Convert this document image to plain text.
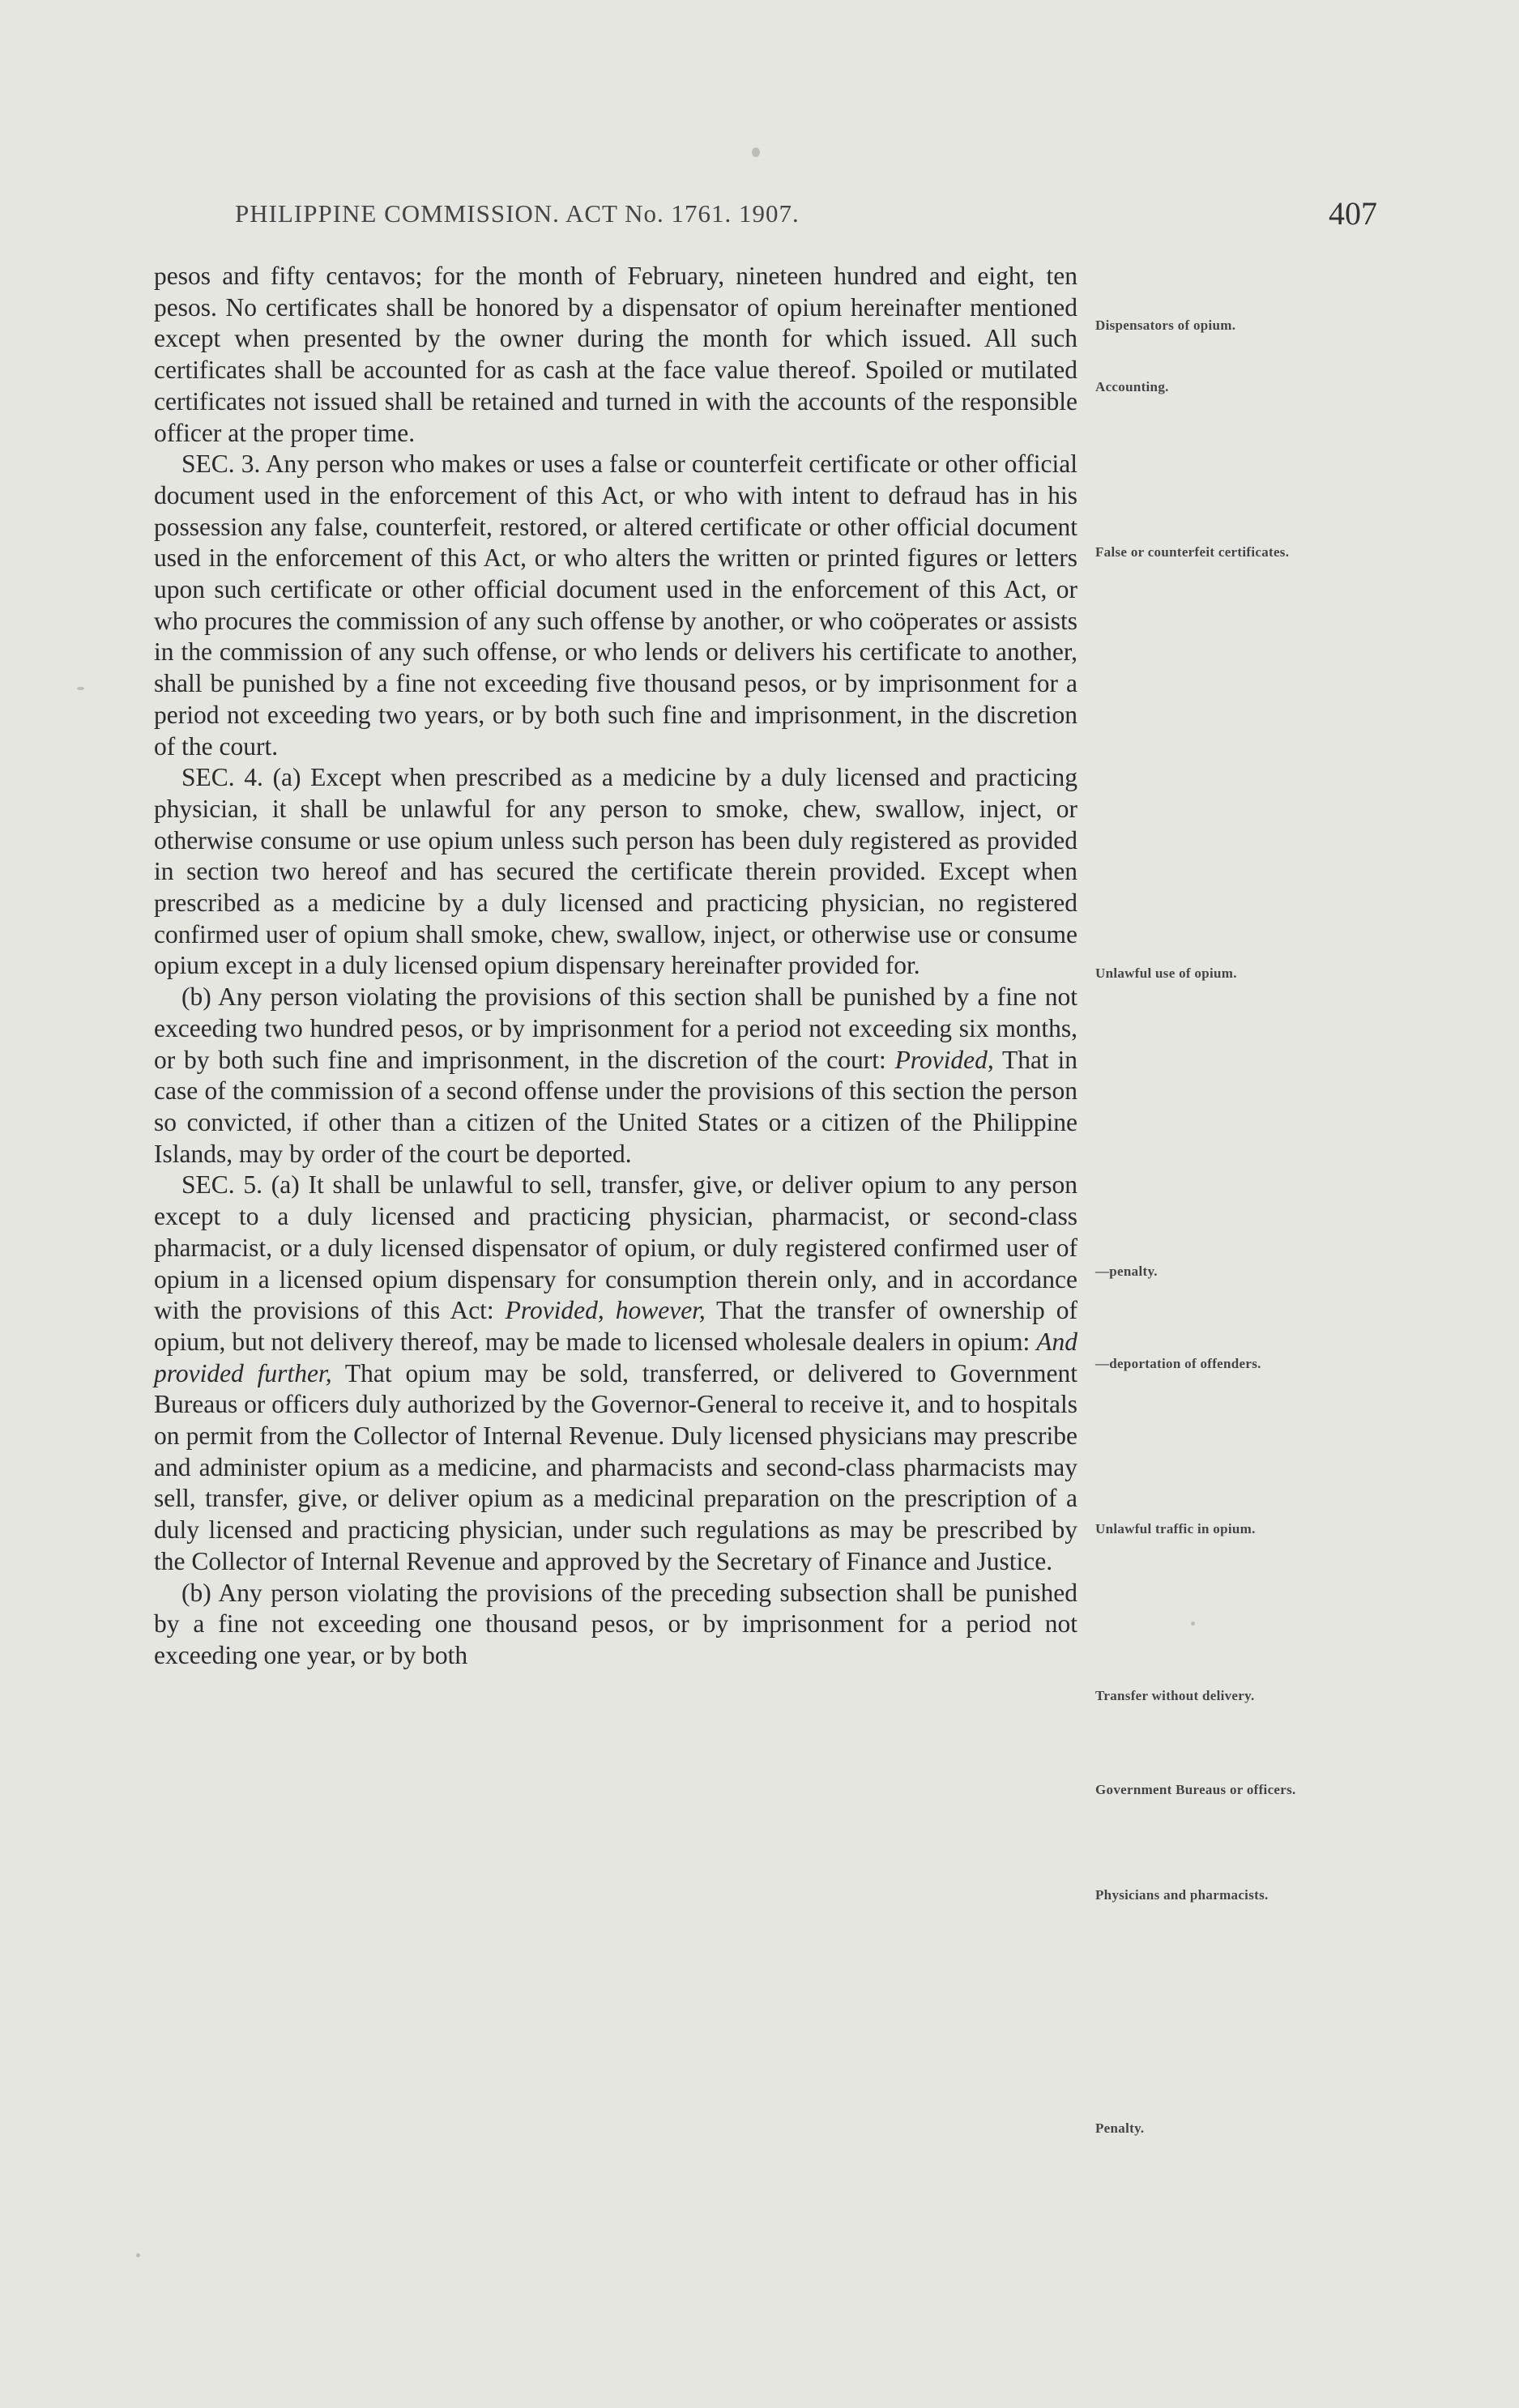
PHILIPPINE COMMISSION. ACT No. 1761. 1907.	407

pesos and fifty centavos; for the month of February, nineteen hundred and eight, ten pesos. No certificates shall be honored by a dispensator of opium hereinafter mentioned except when presented by the owner during the month for which issued. All such certificates shall be accounted for as cash at the face value thereof. Spoiled or mutilated certificates not issued shall be retained and turned in with the accounts of the responsible officer at the proper time.

SEC. 3. Any person who makes or uses a false or counterfeit certificate or other official document used in the enforcement of this Act, or who with intent to defraud has in his possession any false, counterfeit, restored, or altered certificate or other official document used in the enforcement of this Act, or who alters the written or printed figures or letters upon such certificate or other official document used in the enforcement of this Act, or who procures the commission of any such offense by another, or who coöperates or assists in the commission of any such offense, or who lends or delivers his certificate to another, shall be punished by a fine not exceeding five thousand pesos, or by imprisonment for a period not exceeding two years, or by both such fine and imprisonment, in the discretion of the court.

SEC. 4. (a) Except when prescribed as a medicine by a duly licensed and practicing physician, it shall be unlawful for any person to smoke, chew, swallow, inject, or otherwise consume or use opium unless such person has been duly registered as provided in section two hereof and has secured the certificate therein provided. Except when prescribed as a medicine by a duly licensed and practicing physician, no registered confirmed user of opium shall smoke, chew, swallow, inject, or otherwise use or consume opium except in a duly licensed opium dispensary hereinafter provided for.

(b) Any person violating the provisions of this section shall be punished by a fine not exceeding two hundred pesos, or by imprisonment for a period not exceeding six months, or by both such fine and imprisonment, in the discretion of the court: Provided, That in case of the commission of a second offense under the provisions of this section the person so convicted, if other than a citizen of the United States or a citizen of the Philippine Islands, may by order of the court be deported.

SEC. 5. (a) It shall be unlawful to sell, transfer, give, or deliver opium to any person except to a duly licensed and practicing physician, pharmacist, or second-class pharmacist, or a duly licensed dispensator of opium, or duly registered confirmed user of opium in a licensed opium dispensary for consumption therein only, and in accordance with the provisions of this Act: Provided, however, That the transfer of ownership of opium, but not delivery thereof, may be made to licensed wholesale dealers in opium: And provided further, That opium may be sold, transferred, or delivered to Government Bureaus or officers duly authorized by the Governor-General to receive it, and to hospitals on permit from the Collector of Internal Revenue. Duly licensed physicians may prescribe and administer opium as a medicine, and pharmacists and second-class pharmacists may sell, transfer, give, or deliver opium as a medicinal preparation on the prescription of a duly licensed and practicing physician, under such regulations as may be prescribed by the Collector of Internal Revenue and approved by the Secretary of Finance and Justice.

(b) Any person violating the provisions of the preceding subsection shall be punished by a fine not exceeding one thousand pesos, or by imprisonment for a period not exceeding one year, or by both

Dispensators of opium.
Accounting.
False or counterfeit certificates.
Unlawful use of opium.
—penalty.
—deportation of offenders.
Unlawful traffic in opium.
Transfer without delivery.
Government Bureaus or officers.
Physicians and pharmacists.
Penalty.
